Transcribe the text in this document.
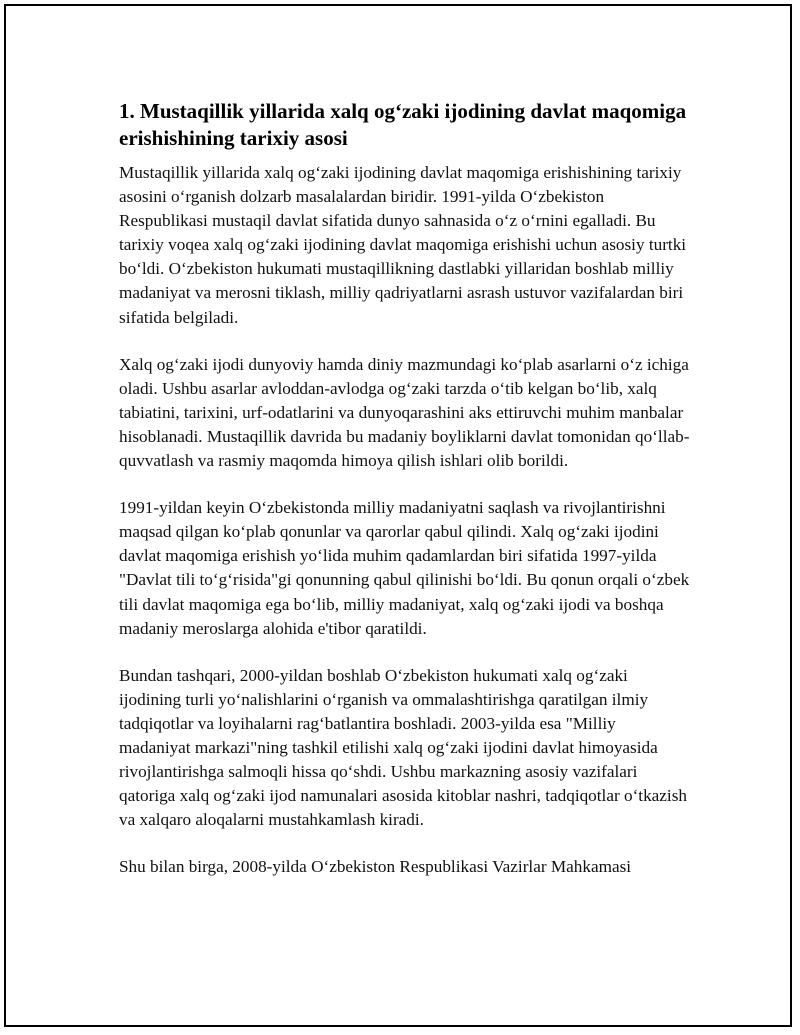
1. Mustaqillik yillarida xalq og‘zaki ijodining davlat maqomiga erishishining tarixiy asosi

Mustaqillik yillarida xalq og‘zaki ijodining davlat maqomiga erishishining tarixiy asosini o‘rganish dolzarb masalalardan biridir. 1991-yilda O‘zbekiston Respublikasi mustaqil davlat sifatida dunyo sahnasida o‘z o‘rnini egalladi. Bu tarixiy voqea xalq og‘zaki ijodining davlat maqomiga erishishi uchun asosiy turtki bo‘ldi. O‘zbekiston hukumati mustaqillikning dastlabki yillaridan boshlab milliy madaniyat va merosni tiklash, milliy qadriyatlarni asrash ustuvor vazifalardan biri sifatida belgiladi.

Xalq og‘zaki ijodi dunyoviy hamda diniy mazmundagi ko‘plab asarlarni o‘z ichiga oladi. Ushbu asarlar avloddan-avlodga og‘zaki tarzda o‘tib kelgan bo‘lib, xalq tabiatini, tarixini, urf-odatlarini va dunyoqarashini aks ettiruvchi muhim manbalar hisoblanadi. Mustaqillik davrida bu madaniy boyliklarni davlat tomonidan qo‘llab-quvvatlash va rasmiy maqomda himoya qilish ishlari olib borildi.

1991-yildan keyin O‘zbekistonda milliy madaniyatni saqlash va rivojlantirishni maqsad qilgan ko‘plab qonunlar va qarorlar qabul qilindi. Xalq og‘zaki ijodini davlat maqomiga erishish yo‘lida muhim qadamlardan biri sifatida 1997-yilda "Davlat tili to‘g‘risida"gi qonunning qabul qilinishi bo‘ldi. Bu qonun orqali o‘zbek tili davlat maqomiga ega bo‘lib, milliy madaniyat, xalq og‘zaki ijodi va boshqa madaniy meroslarga alohida e'tibor qaratildi.

Bundan tashqari, 2000-yildan boshlab O‘zbekiston hukumati xalq og‘zaki ijodining turli yo‘nalishlarini o‘rganish va ommalashtirishga qaratilgan ilmiy tadqiqotlar va loyihalarni rag‘batlantira boshladi. 2003-yilda esa "Milliy madaniyat markazi"ning tashkil etilishi xalq og‘zaki ijodini davlat himoyasida rivojlantirishga salmoqli hissa qo‘shdi. Ushbu markazning asosiy vazifalari qatoriga xalq og‘zaki ijod namunalari asosida kitoblar nashri, tadqiqotlar o‘tkazish va xalqaro aloqalarni mustahkamlash kiradi.

Shu bilan birga, 2008-yilda O‘zbekiston Respublikasi Vazirlar Mahkamasi
